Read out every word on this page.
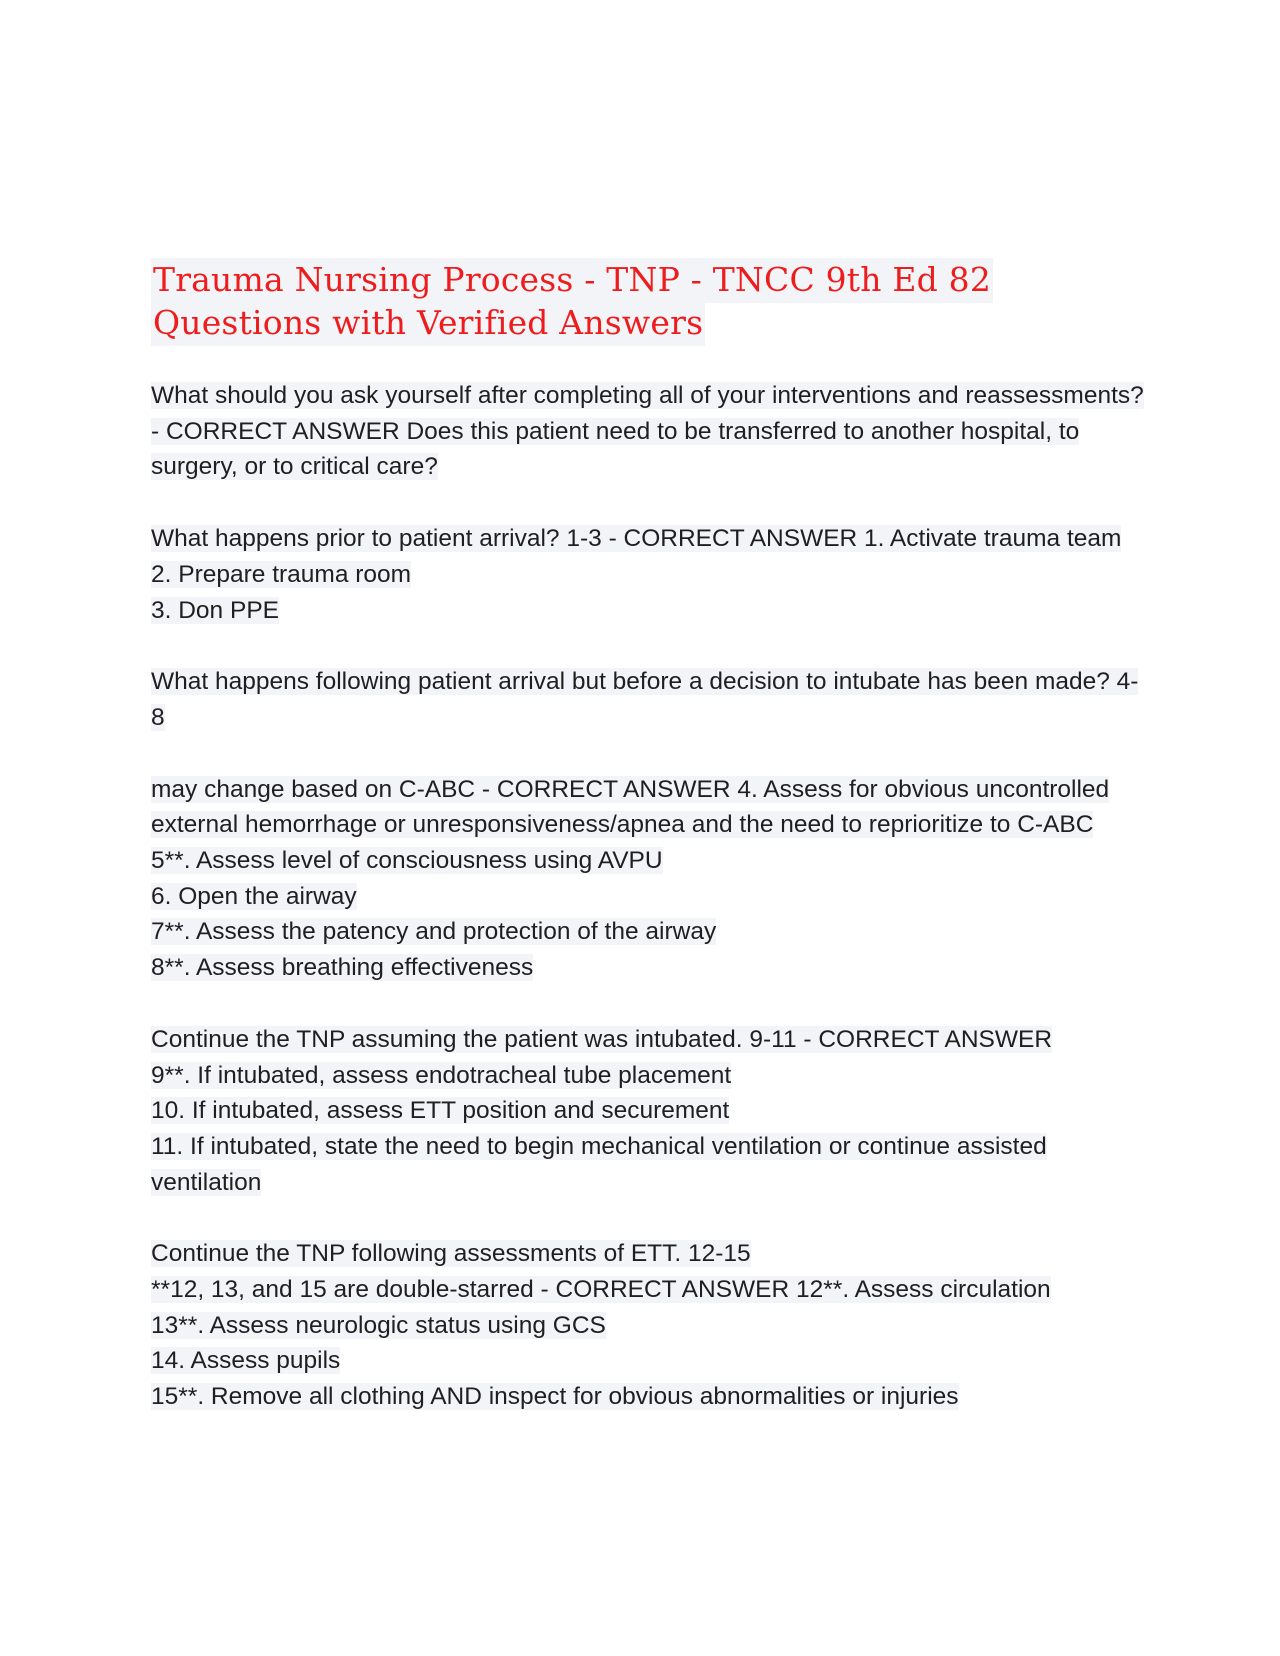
Trauma Nursing Process - TNP - TNCC 9th Ed 82 Questions with Verified Answers
What should you ask yourself after completing all of your interventions and reassessments? - CORRECT ANSWER Does this patient need to be transferred to another hospital, to surgery, or to critical care?
What happens prior to patient arrival? 1-3 - CORRECT ANSWER 1. Activate trauma team
2. Prepare trauma room
3. Don PPE
What happens following patient arrival but before a decision to intubate has been made? 4-8
may change based on C-ABC - CORRECT ANSWER 4. Assess for obvious uncontrolled external hemorrhage or unresponsiveness/apnea and the need to reprioritize to C-ABC
5**. Assess level of consciousness using AVPU
6. Open the airway
7**. Assess the patency and protection of the airway
8**. Assess breathing effectiveness
Continue the TNP assuming the patient was intubated. 9-11 - CORRECT ANSWER
9**. If intubated, assess endotracheal tube placement
10. If intubated, assess ETT position and securement
11. If intubated, state the need to begin mechanical ventilation or continue assisted ventilation
Continue the TNP following assessments of ETT. 12-15
**12, 13, and 15 are double-starred - CORRECT ANSWER 12**. Assess circulation
13**. Assess neurologic status using GCS
14. Assess pupils
15**. Remove all clothing AND inspect for obvious abnormalities or injuries
